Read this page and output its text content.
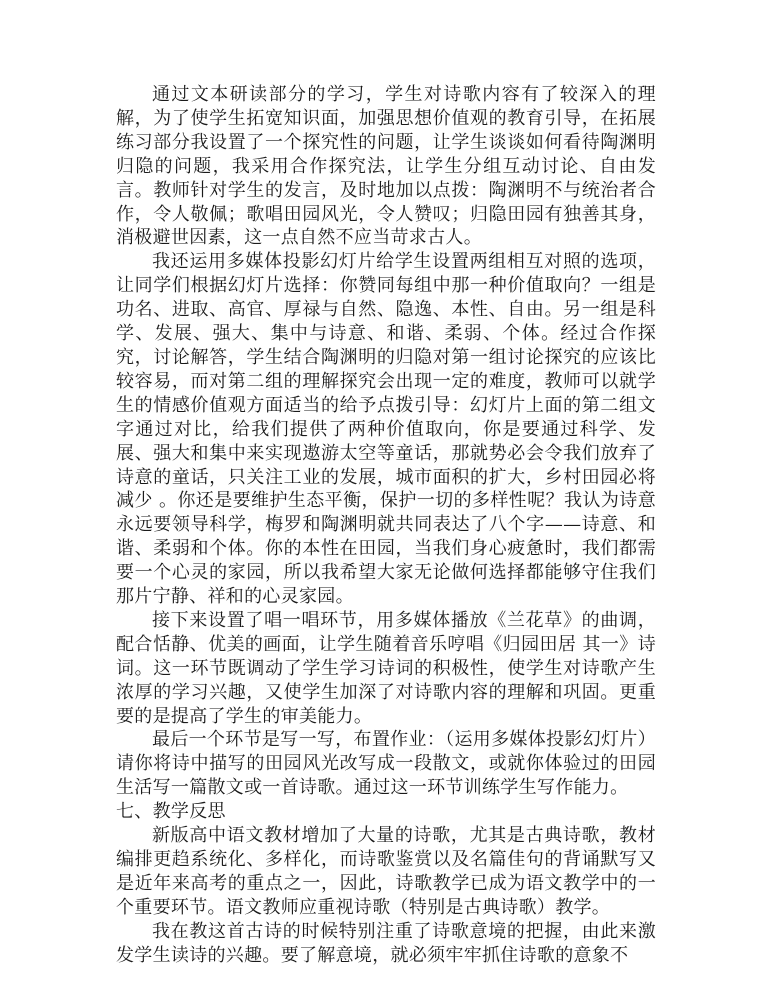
通过文本研读部分的学习，学生对诗歌内容有了较深入的理解，为了使学生拓宽知识面，加强思想价值观的教育引导，在拓展练习部分我设置了一个探究性的问题，让学生谈谈如何看待陶渊明归隐的问题，我采用合作探究法，让学生分组互动讨论、自由发言。教师针对学生的发言，及时地加以点拨：陶渊明不与统治者合作，令人敬佩；歌唱田园风光，令人赞叹；归隐田园有独善其身，消极避世因素，这一点自然不应当苛求古人。

我还运用多媒体投影幻灯片给学生设置两组相互对照的选项，让同学们根据幻灯片选择：你赞同每组中那一种价值取向？一组是功名、进取、高官、厚禄与自然、隐逸、本性、自由。另一组是科学、发展、强大、集中与诗意、和谐、柔弱、个体。经过合作探究，讨论解答，学生结合陶渊明的归隐对第一组讨论探究的应该比较容易，而对第二组的理解探究会出现一定的难度，教师可以就学生的情感价值观方面适当的给予点拨引导：幻灯片上面的第二组文字通过对比，给我们提供了两种价值取向，你是要通过科学、发展、强大和集中来实现遨游太空等童话，那就势必会令我们放弃了诗意的童话，只关注工业的发展，城市面积的扩大，乡村田园必将减少 。你还是要维护生态平衡，保护一切的多样性呢？我认为诗意永远要领导科学，梅罗和陶渊明就共同表达了八个字——诗意、和谐、柔弱和个体。你的本性在田园，当我们身心疲惫时，我们都需要一个心灵的家园，所以我希望大家无论做何选择都能够守住我们那片宁静、祥和的心灵家园。

接下来设置了唱一唱环节，用多媒体播放《兰花草》的曲调，配合恬静、优美的画面，让学生随着音乐哼唱《归园田居 其一》诗词。这一环节既调动了学生学习诗词的积极性，使学生对诗歌产生浓厚的学习兴趣，又使学生加深了对诗歌内容的理解和巩固。更重要的是提高了学生的审美能力。

最后一个环节是写一写，布置作业：（运用多媒体投影幻灯片）请你将诗中描写的田园风光改写成一段散文，或就你体验过的田园生活写一篇散文或一首诗歌。通过这一环节训练学生写作能力。

七、教学反思

新版高中语文教材增加了大量的诗歌，尤其是古典诗歌，教材编排更趋系统化、多样化，而诗歌鉴赏以及名篇佳句的背诵默写又是近年来高考的重点之一，因此，诗歌教学已成为语文教学中的一个重要环节。语文教师应重视诗歌（特别是古典诗歌）教学。

我在教这首古诗的时候特别注重了诗歌意境的把握，由此来激发学生读诗的兴趣。要了解意境，就必须牢牢抓住诗歌的意象不
